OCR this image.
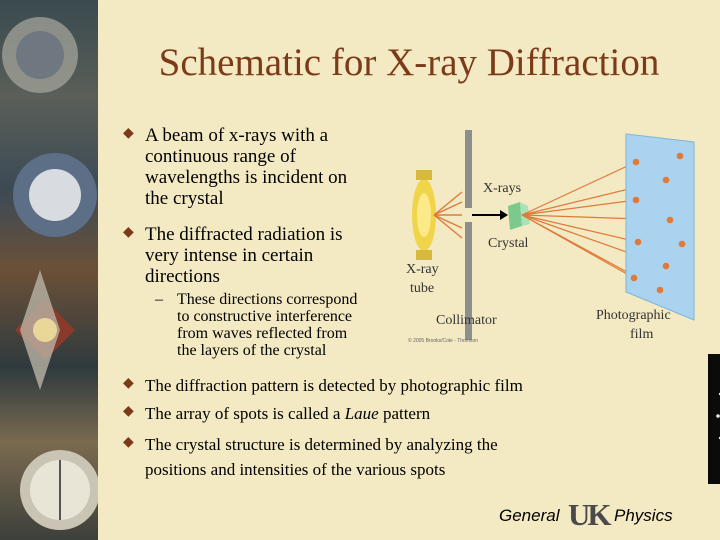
Schematic for X-ray Diffraction
◆ A beam of x-rays with a
continuous range of
wavelengths is incident on
the crystal
◆ The diffracted radiation is
very intense in certain
directions
– These directions correspond
to constructive interference
from waves reflected from
the layers of the crystal
◆ The diffraction pattern is detected by photographic film
◆ The array of spots is called a Laue pattern
◆ The crystal structure is determined by analyzing the
positions and intensities of the various spots
X-rays
Crystal
X-ray
tube
Collimator	Photographic
film
© 2005 Brooks/Cole - Thomson
General UK Physics
